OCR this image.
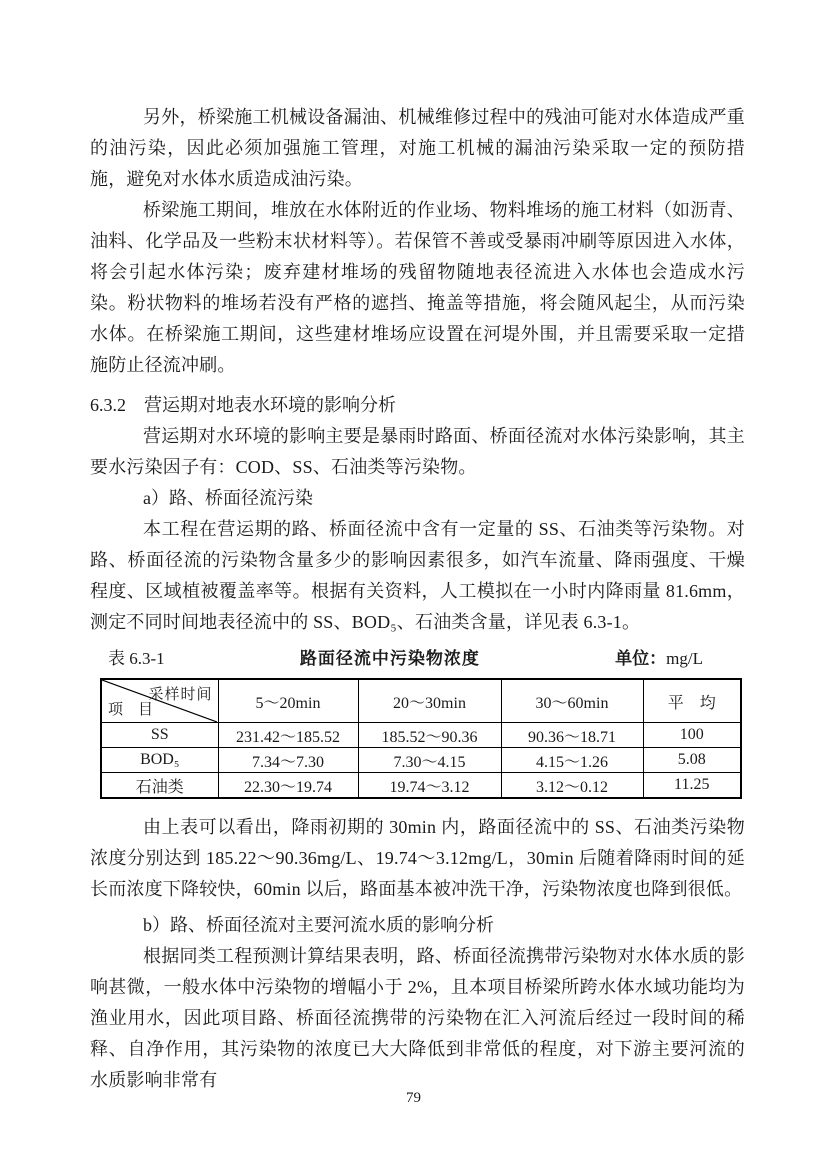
另外，桥梁施工机械设备漏油、机械维修过程中的残油可能对水体造成严重的油污染，因此必须加强施工管理，对施工机械的漏油污染采取一定的预防措施，避免对水体水质造成油污染。

桥梁施工期间，堆放在水体附近的作业场、物料堆场的施工材料（如沥青、油料、化学品及一些粉末状材料等）。若保管不善或受暴雨冲刷等原因进入水体，将会引起水体污染；废弃建材堆场的残留物随地表径流进入水体也会造成水污染。粉状物料的堆场若没有严格的遮挡、掩盖等措施，将会随风起尘，从而污染水体。在桥梁施工期间，这些建材堆场应设置在河堤外围，并且需要采取一定措施防止径流冲刷。

6.3.2　营运期对地表水环境的影响分析

营运期对水环境的影响主要是暴雨时路面、桥面径流对水体污染影响，其主要水污染因子有：COD、SS、石油类等污染物。

a）路、桥面径流污染

本工程在营运期的路、桥面径流中含有一定量的 SS、石油类等污染物。对路、桥面径流的污染物含量多少的影响因素很多，如汽车流量、降雨强度、干燥程度、区域植被覆盖率等。根据有关资料，人工模拟在一小时内降雨量 81.6mm，测定不同时间地表径流中的 SS、BOD₅、石油类含量，详见表 6.3-1。

表 6.3-1	路面径流中污染物浓度	单位：mg/L
采样时间
项　目	5～20min	20～30min	30～60min	平　均
SS	231.42～185.52	185.52～90.36	90.36～18.71	100
BOD₅	7.34～7.30	7.30～4.15	4.15～1.26	5.08
石油类	22.30～19.74	19.74～3.12	3.12～0.12	11.25

由上表可以看出，降雨初期的 30min 内，路面径流中的 SS、石油类污染物浓度分别达到 185.22～90.36mg/L、19.74～3.12mg/L，30min 后随着降雨时间的延长而浓度下降较快，60min 以后，路面基本被冲洗干净，污染物浓度也降到很低。

b）路、桥面径流对主要河流水质的影响分析

根据同类工程预测计算结果表明，路、桥面径流携带污染物对水体水质的影响甚微，一般水体中污染物的增幅小于 2%，且本项目桥梁所跨水体水域功能均为渔业用水，因此项目路、桥面径流携带的污染物在汇入河流后经过一段时间的稀释、自净作用，其污染物的浓度已大大降低到非常低的程度，对下游主要河流的水质影响非常有

79
